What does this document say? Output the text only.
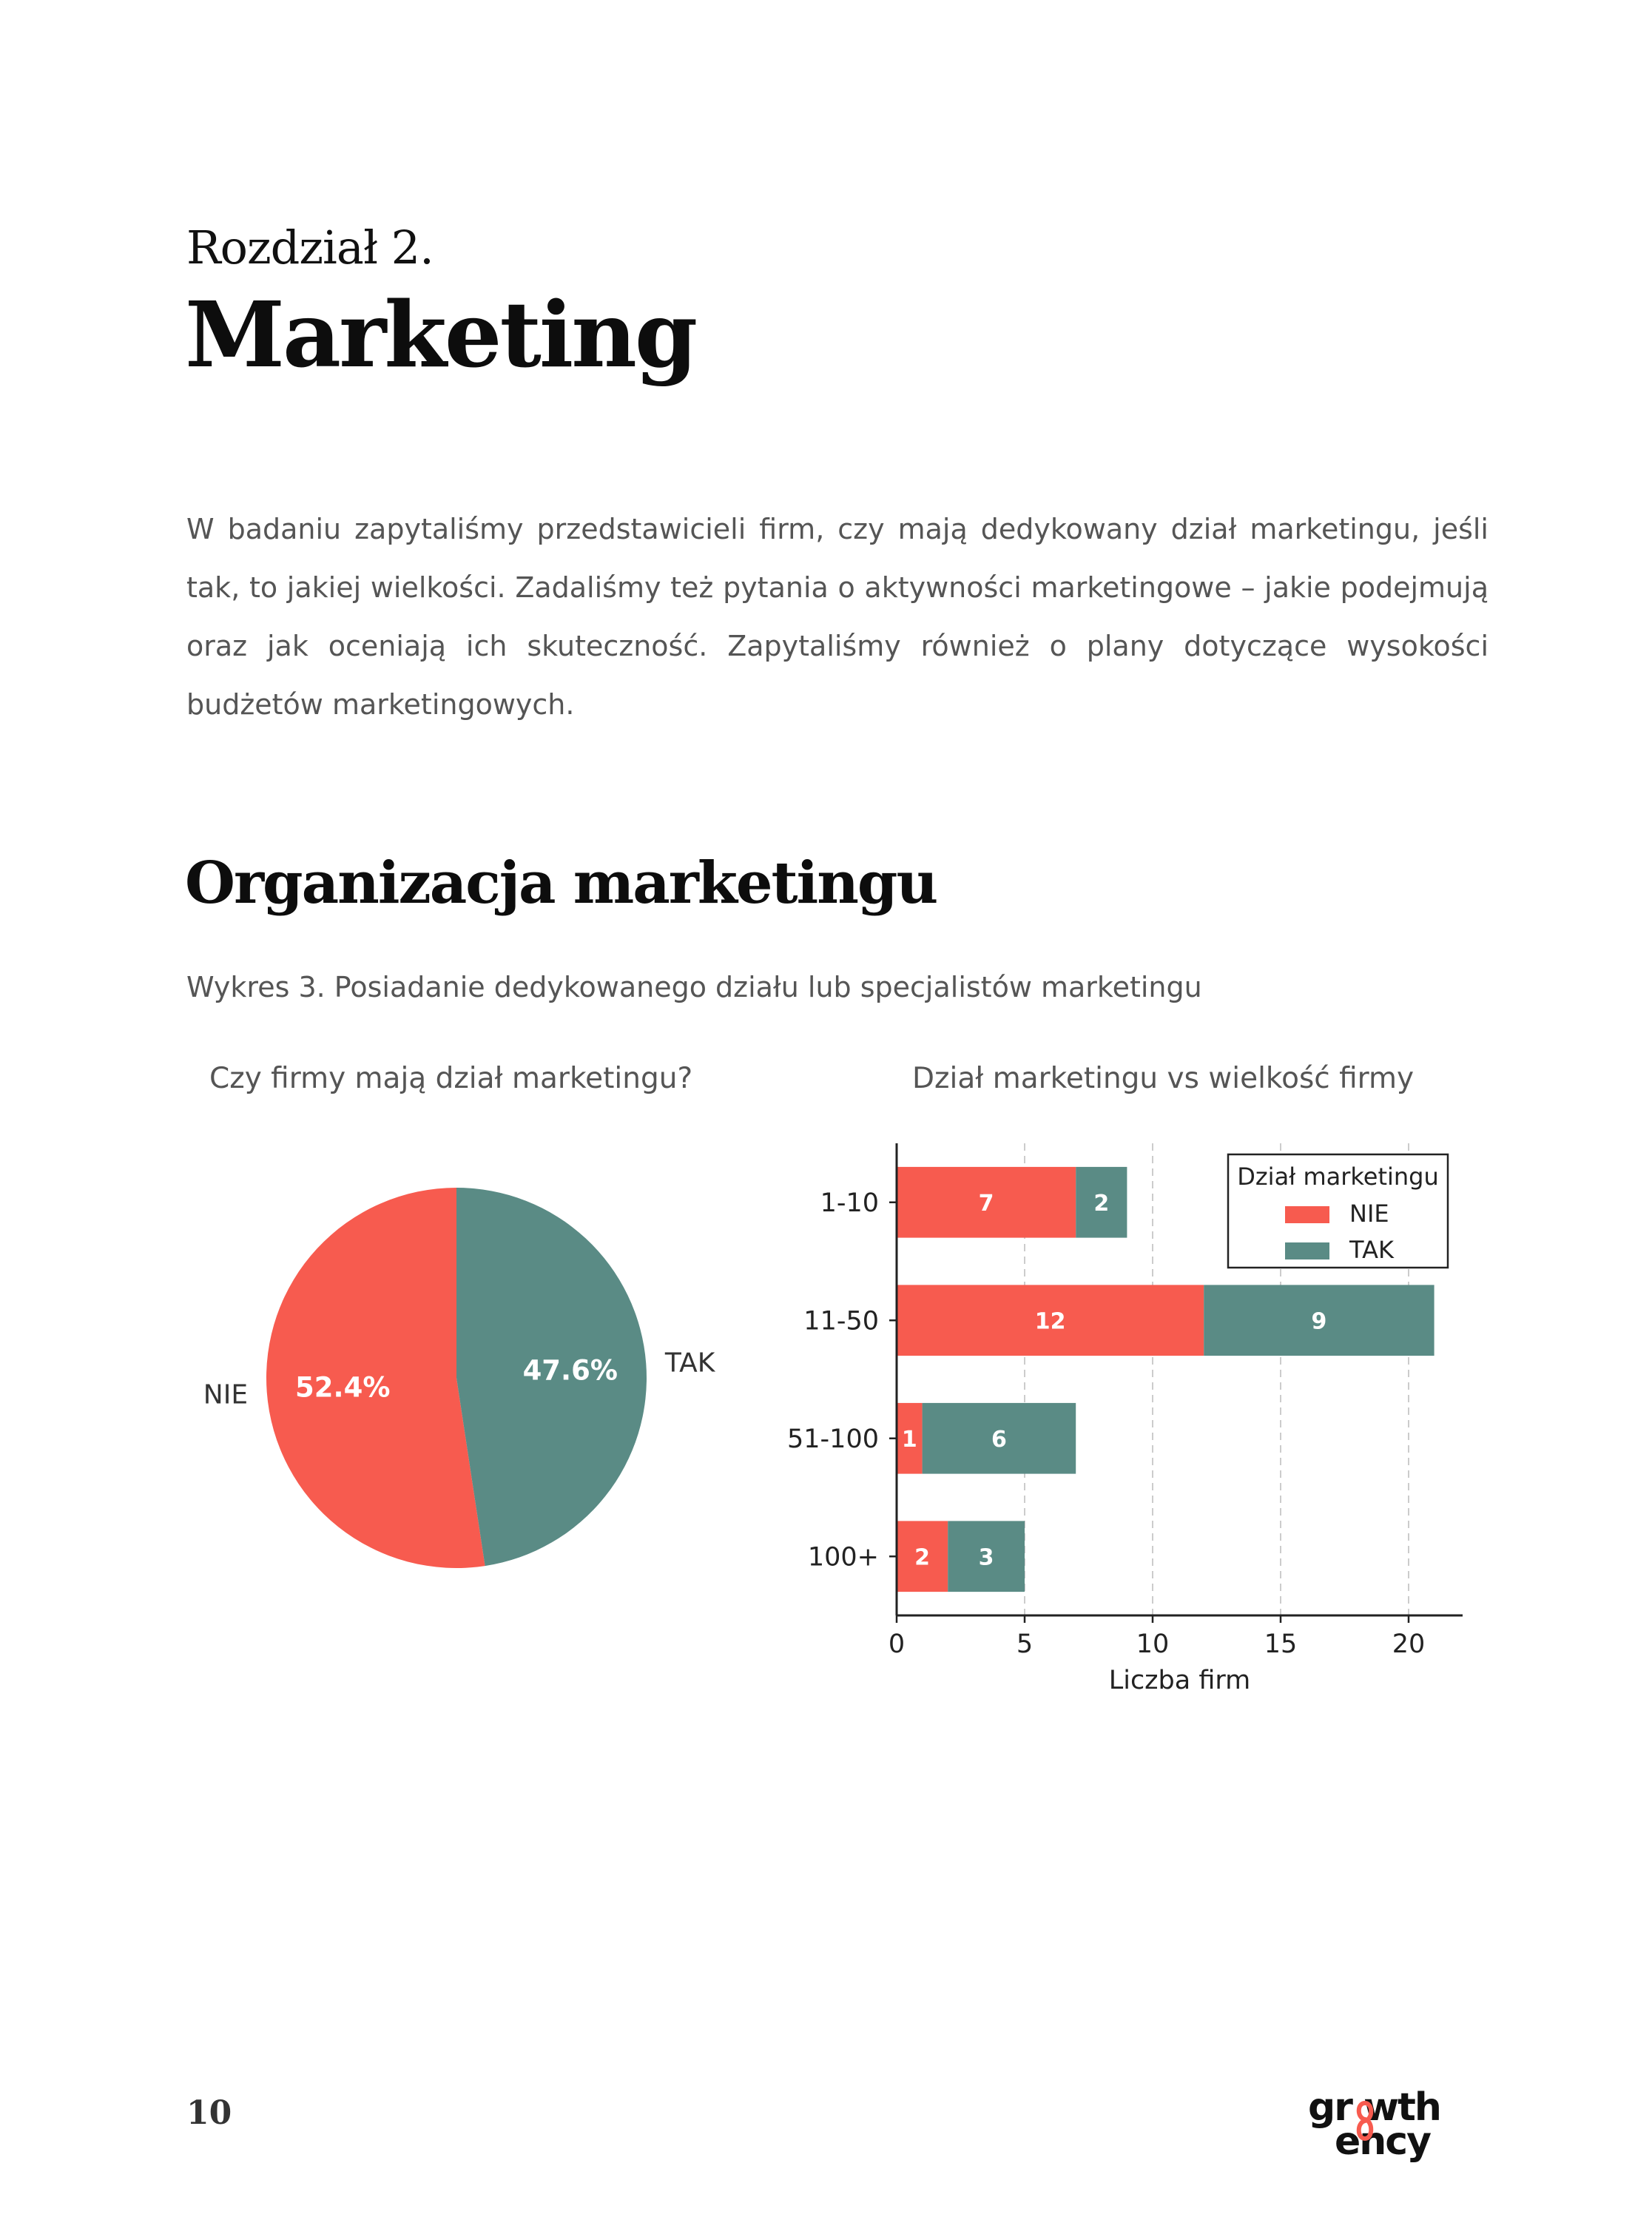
Rozdział 2.
Marketing

W badaniu zapytaliśmy przedstawicieli firm, czy mają dedykowany dział marketingu, jeśli tak, to jakiej wielkości. Zadaliśmy też pytania o aktywności marketingowe – jakie podejmują oraz jak oceniają ich skuteczność. Zapytaliśmy również o plany dotyczące wysokości budżetów marketingowych.

Organizacja marketingu
Wykres 3. Posiadanie dedykowanego działu lub specjalistów marketingu
Czy firmy mają dział marketingu?	Dział marketingu vs wielkość firmy
52.4%
NIE
47.6% TAK
7	2
1-10
12	9
11-50
1	6
51-100
2 3
100+
0	5	10	15	20
Liczba firm
Dział marketingu
NIE
TAK
10	gr wth
ency
